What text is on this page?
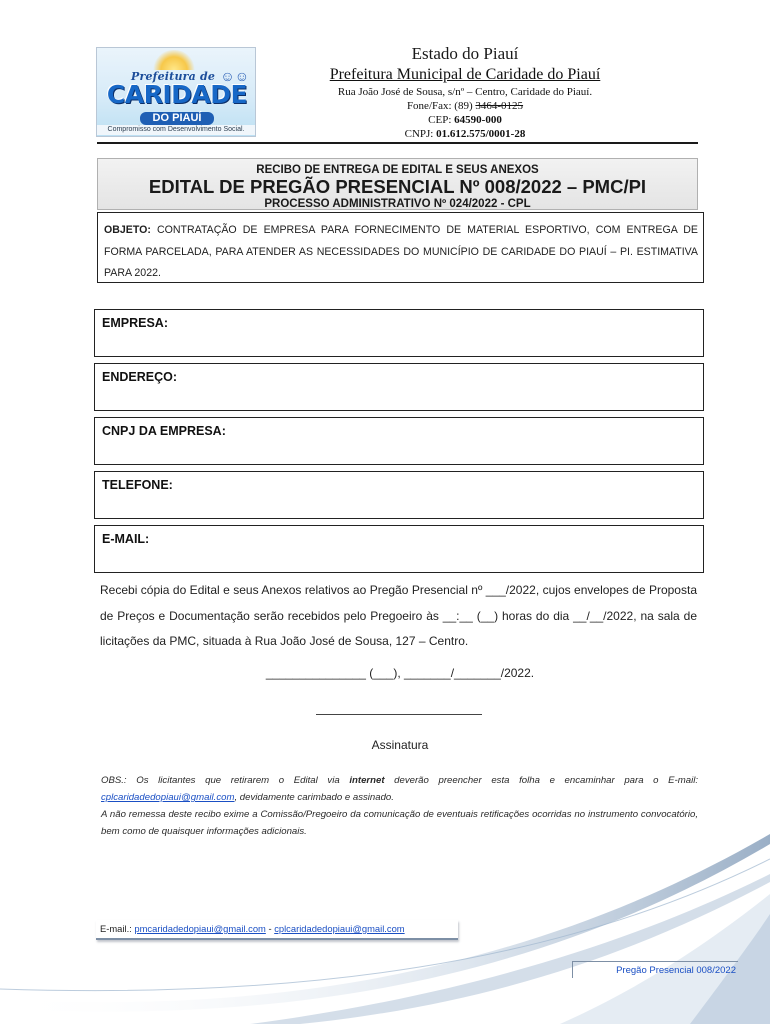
Prefeitura de ☺☺
CARIDADE
DO PIAUÍ
Compromisso com Desenvolvimento Social.
Estado do Piauí
Prefeitura Municipal de Caridade do Piauí
Rua João José de Sousa, s/nº – Centro, Caridade do Piauí.
Fone/Fax: (89) 3464-0125
CEP: 64590-000
CNPJ: 01.612.575/0001-28
RECIBO DE ENTREGA DE EDITAL E SEUS ANEXOS
EDITAL DE PREGÃO PRESENCIAL Nº 008/2022 – PMC/PI
PROCESSO ADMINISTRATIVO Nº 024/2022 - CPL
OBJETO: CONTRATAÇÃO DE EMPRESA PARA FORNECIMENTO DE MATERIAL ESPORTIVO, COM ENTREGA DE FORMA PARCELADA, PARA ATENDER AS NECESSIDADES DO MUNICÍPIO DE CARIDADE DO PIAUÍ – PI. ESTIMATIVA PARA 2022.
EMPRESA:
ENDEREÇO:
CNPJ DA EMPRESA:
TELEFONE:
E-MAIL:
Recebi cópia do Edital e seus Anexos relativos ao Pregão Presencial nº ___/2022, cujos envelopes de Proposta de Preços e Documentação serão recebidos pelo Pregoeiro às __:__ (__) horas do dia __/__/2022, na sala de licitações da PMC, situada à Rua João José de Sousa, 127 – Centro.
_______________ (___), _______/_______/2022.
Assinatura
OBS.: Os licitantes que retirarem o Edital via internet deverão preencher esta folha e encaminhar para o E-mail: cplcaridadedopiaui@gmail.com, devidamente carimbado e assinado.
A não remessa deste recibo exime a Comissão/Pregoeiro da comunicação de eventuais retificações ocorridas no instrumento convocatório, bem como de quaisquer informações adicionais.
E-mail.: pmcaridadedopiaui@gmail.com - cplcaridadedopiaui@gmail.com
Pregão Presencial 008/2022
